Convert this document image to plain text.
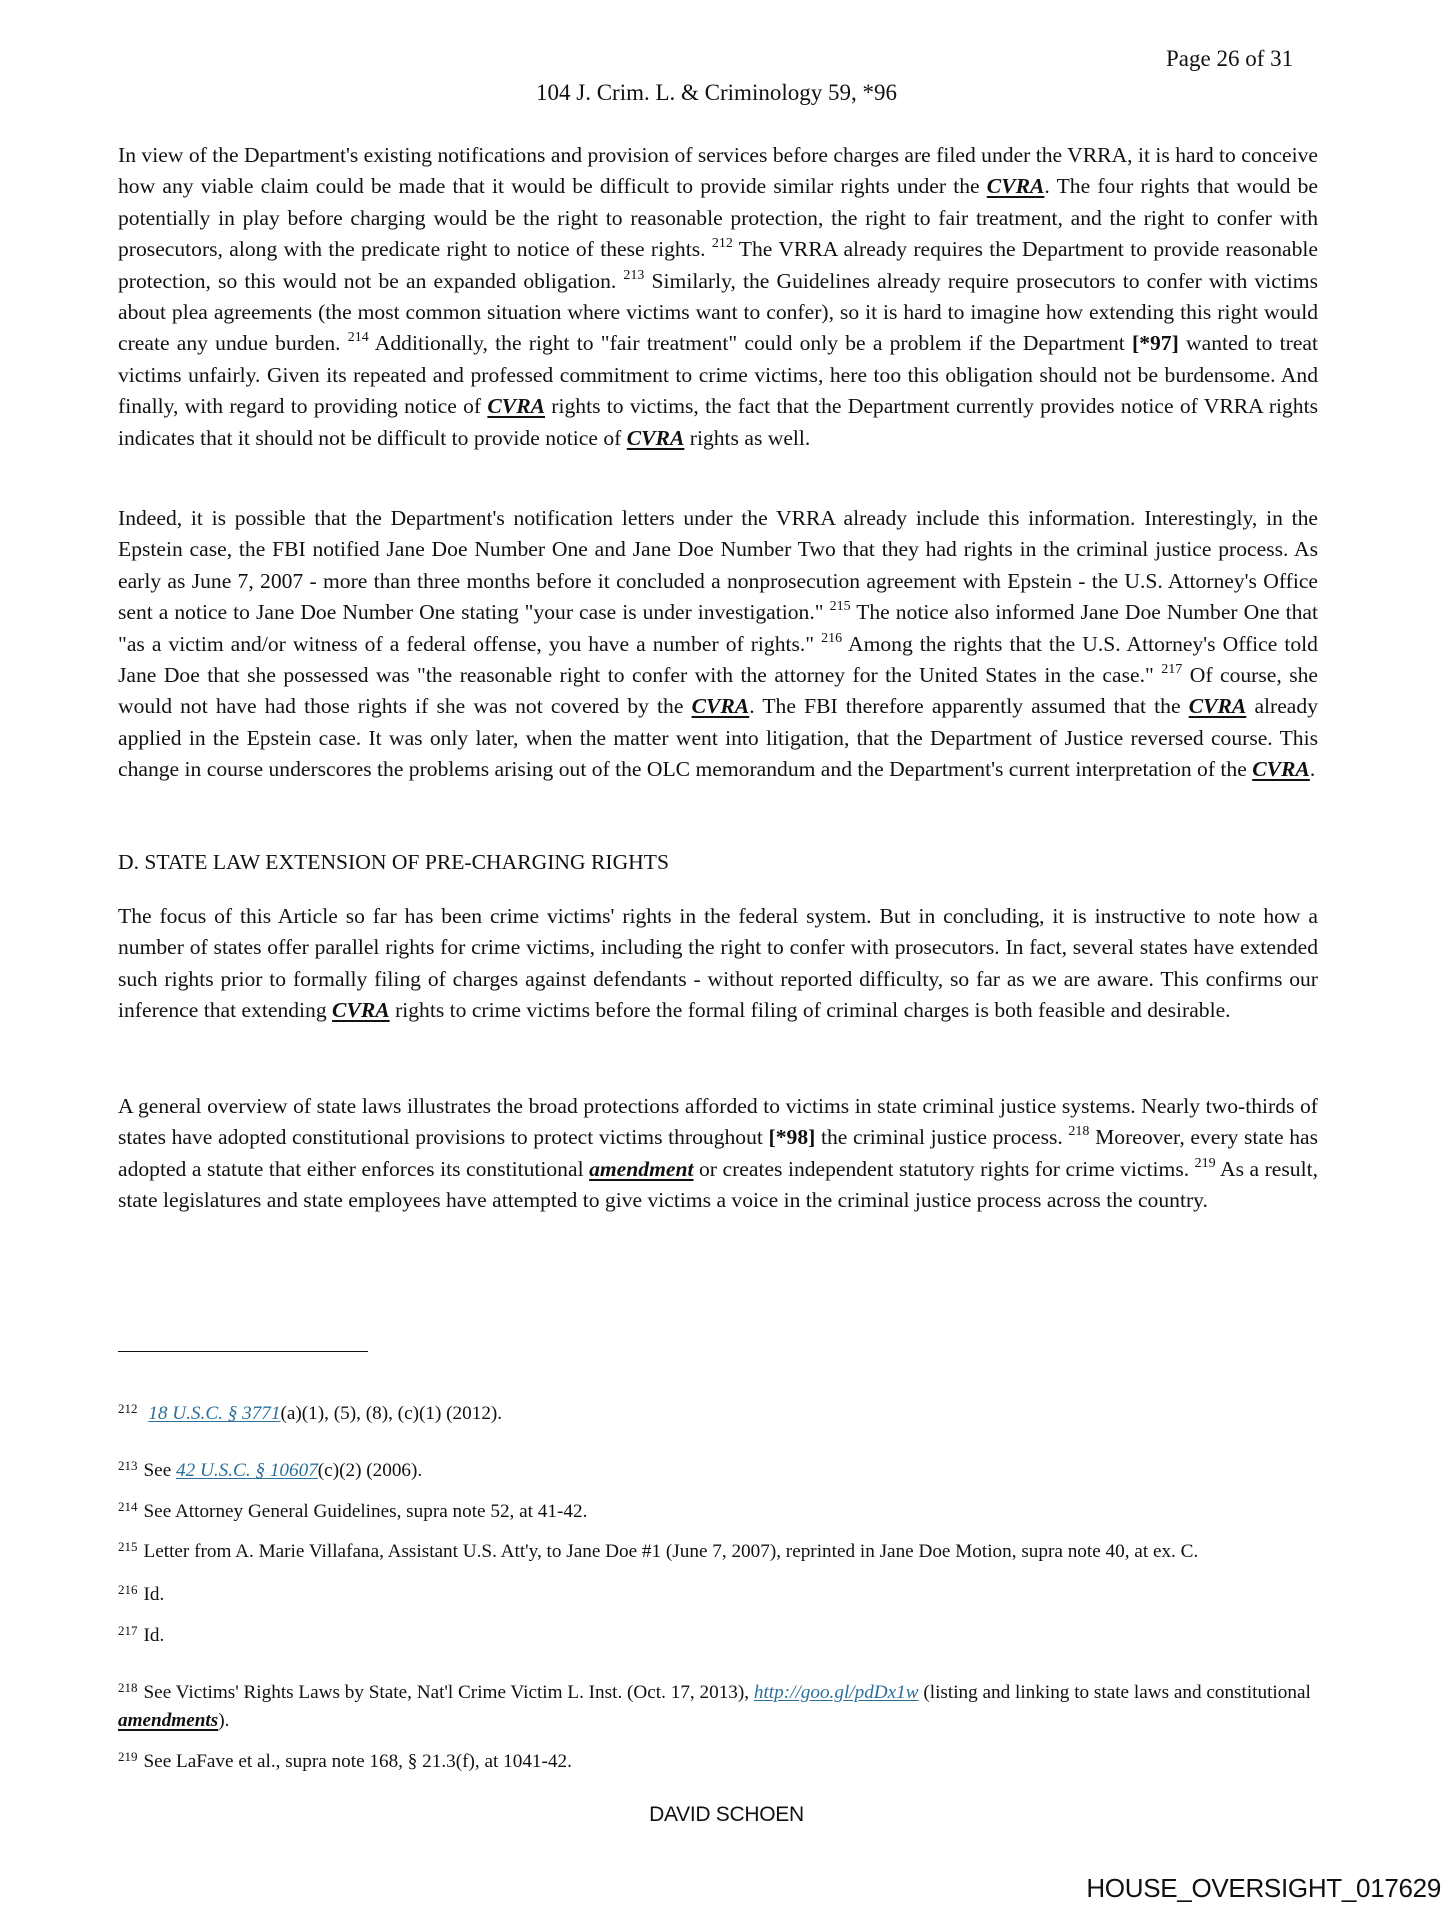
Page 26 of 31
104 J. Crim. L. & Criminology 59, *96

In view of the Department's existing notifications and provision of services before charges are filed under the VRRA, it is hard to conceive how any viable claim could be made that it would be difficult to provide similar rights under the CVRA. The four rights that would be potentially in play before charging would be the right to reasonable protection, the right to fair treatment, and the right to confer with prosecutors, along with the predicate right to notice of these rights. $^{212}$ The VRRA already requires the Department to provide reasonable protection, so this would not be an expanded obligation. $^{213}$ Similarly, the Guidelines already require prosecutors to confer with victims about plea agreements (the most common situation where victims want to confer), so it is hard to imagine how extending this right would create any undue burden. $^{214}$ Additionally, the right to "fair treatment" could only be a problem if the Department [*97] wanted to treat victims unfairly. Given its repeated and professed commitment to crime victims, here too this obligation should not be burdensome. And finally, with regard to providing notice of CVRA rights to victims, the fact that the Department currently provides notice of VRRA rights indicates that it should not be difficult to provide notice of CVRA rights as well.

Indeed, it is possible that the Department's notification letters under the VRRA already include this information. Interestingly, in the Epstein case, the FBI notified Jane Doe Number One and Jane Doe Number Two that they had rights in the criminal justice process. As early as June 7, 2007 - more than three months before it concluded a nonprosecution agreement with Epstein - the U.S. Attorney's Office sent a notice to Jane Doe Number One stating "your case is under investigation." $^{215}$ The notice also informed Jane Doe Number One that "as a victim and/or witness of a federal offense, you have a number of rights." $^{216}$ Among the rights that the U.S. Attorney's Office told Jane Doe that she possessed was "the reasonable right to confer with the attorney for the United States in the case." $^{217}$ Of course, she would not have had those rights if she was not covered by the CVRA. The FBI therefore apparently assumed that the CVRA already applied in the Epstein case. It was only later, when the matter went into litigation, that the Department of Justice reversed course. This change in course underscores the problems arising out of the OLC memorandum and the Department's current interpretation of the CVRA.

D. STATE LAW EXTENSION OF PRE-CHARGING RIGHTS

The focus of this Article so far has been crime victims' rights in the federal system. But in concluding, it is instructive to note how a number of states offer parallel rights for crime victims, including the right to confer with prosecutors. In fact, several states have extended such rights prior to formally filing of charges against defendants - without reported difficulty, so far as we are aware. This confirms our inference that extending CVRA rights to crime victims before the formal filing of criminal charges is both feasible and desirable.

A general overview of state laws illustrates the broad protections afforded to victims in state criminal justice systems. Nearly two-thirds of states have adopted constitutional provisions to protect victims throughout [*98] the criminal justice process. $^{218}$ Moreover, every state has adopted a statute that either enforces its constitutional amendment or creates independent statutory rights for crime victims. $^{219}$ As a result, state legislatures and state employees have attempted to give victims a voice in the criminal justice process across the country.

$^{212}$ 18 U.S.C. § 3771(a)(1), (5), (8), (c)(1) (2012).

$^{213}$ See 42 U.S.C. § 10607(c)(2) (2006).

$^{214}$ See Attorney General Guidelines, supra note 52, at 41-42.

$^{215}$ Letter from A. Marie Villafana, Assistant U.S. Att'y, to Jane Doe #1 (June 7, 2007), reprinted in Jane Doe Motion, supra note 40, at ex. C.

$^{216}$ Id.

$^{217}$ Id.

$^{218}$ See Victims' Rights Laws by State, Nat'l Crime Victim L. Inst. (Oct. 17, 2013), http://goo.gl/pdDx1w (listing and linking to state laws and constitutional amendments).

$^{219}$ See LaFave et al., supra note 168, § 21.3(f), at 1041-42.

DAVID SCHOEN
HOUSE_OVERSIGHT_017629
